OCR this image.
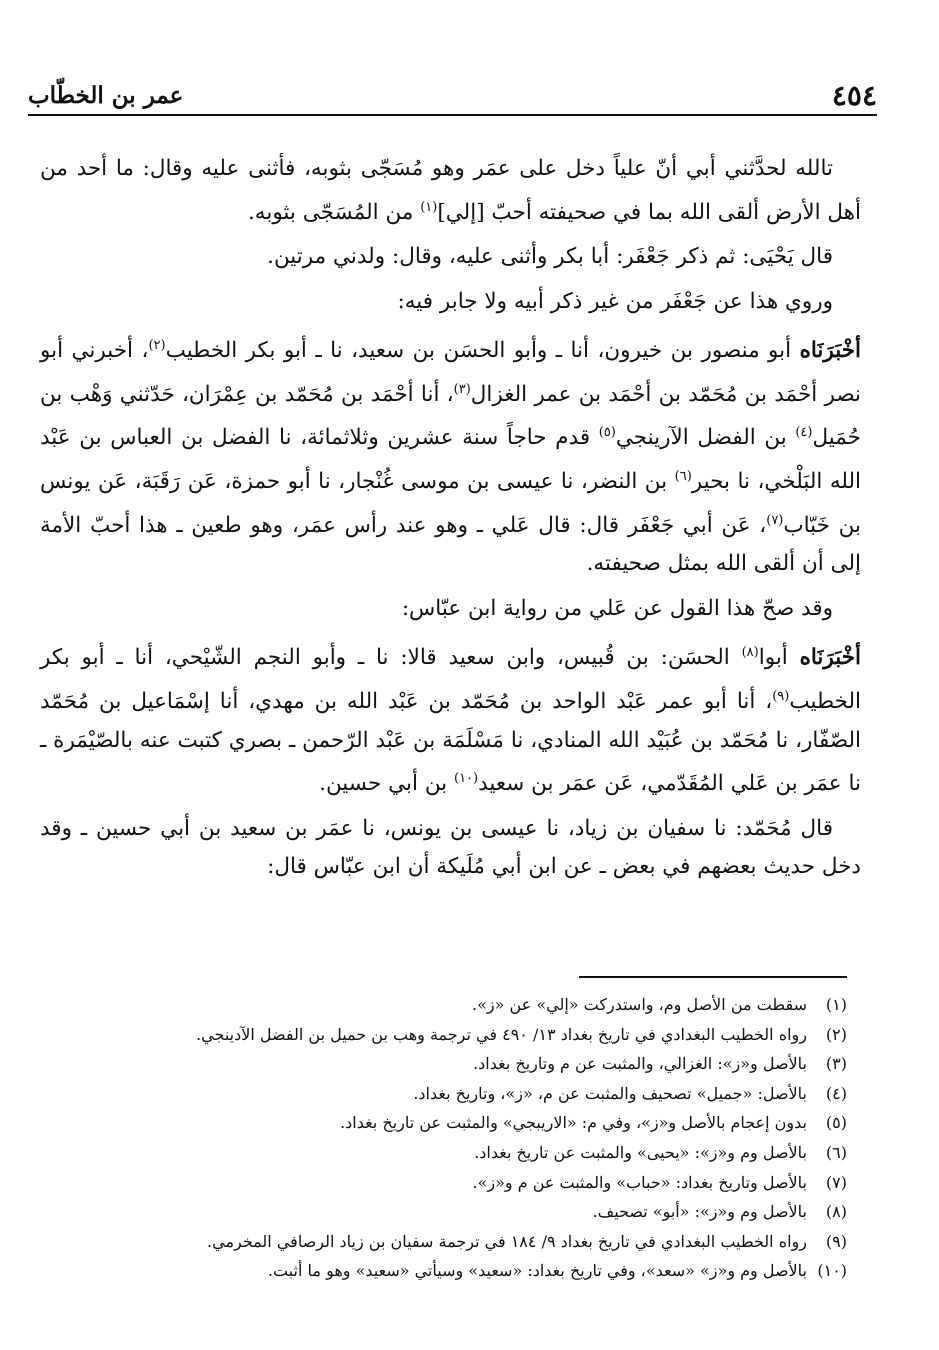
٤٥٤
عمر بن الخطّاب

تالله لحدَّثني أبي أنّ علياً دخل على عمَر وهو مُسَجّى بثوبه، فأثنى عليه وقال: ما أحد من أهل الأرض ألقى الله بما في صحيفته أحبّ [إلي]$^{(١)}$ من المُسَجّى بثوبه.

قال يَحْيَى: ثم ذكر جَعْفَر: أبا بكر وأثنى عليه، وقال: ولدني مرتين.

وروي هذا عن جَعْفَر من غير ذكر أبيه ولا جابر فيه:

أخْبَرَنَاه أبو منصور بن خيرون، أنا ـ وأبو الحسَن بن سعيد، نا ـ أبو بكر الخطيب$^{(٢)}$، أخبرني أبو نصر أحْمَد بن مُحَمّد بن أحْمَد بن عمر الغزال$^{(٣)}$، أنا أحْمَد بن مُحَمّد بن عِمْرَان، حَدّثني وَهْب بن حُمَيل$^{(٤)}$ بن الفضل الآرينجي$^{(٥)}$ قدم حاجاً سنة عشرين وثلاثمائة، نا الفضل بن العباس بن عَبْد الله البَلْخي، نا بحير$^{(٦)}$ بن النضر، نا عيسى بن موسى غُنْجار، نا أبو حمزة، عَن رَقَبَة، عَن يونس بن خَبّاب$^{(٧)}$، عَن أبي جَعْفَر قال: قال عَلي ـ وهو عند رأس عمَر، وهو طعين ـ هذا أحبّ الأمة إلى أن ألقى الله بمثل صحيفته.

وقد صحّ هذا القول عن عَلي من رواية ابن عبّاس:

أخْبَرَنَاه أبوا$^{(٨)}$ الحسَن: بن قُبيس، وابن سعيد قالا: نا ـ وأبو النجم الشّيْحي، أنا ـ أبو بكر الخطيب$^{(٩)}$، أنا أبو عمر عَبْد الواحد بن مُحَمّد بن عَبْد الله بن مهدي، أنا إسْمَاعيل بن مُحَمّد الصّفّار، نا مُحَمّد بن عُبَيْد الله المنادي، نا مَسْلَمَة بن عَبْد الرّحمن ـ بصري كتبت عنه بالصّيْمَرة ـ نا عمَر بن عَلي المُقَدّمي، عَن عمَر بن سعيد$^{(١٠)}$ بن أبي حسين.

قال مُحَمّد: نا سفيان بن زياد، نا عيسى بن يونس، نا عمَر بن سعيد بن أبي حسين ـ وقد دخل حديث بعضهم في بعض ـ عن ابن أبي مُلَيكة أن ابن عبّاس قال:

(١)
سقطت من الأصل وم، واستدركت «إلي» عن «ز».
(٢)
رواه الخطيب البغدادي في تاريخ بغداد ١٣/ ٤٩٠ في ترجمة وهب بن حميل بن الفضل الآدينجي.
(٣)
بالأصل و«ز»: الغزالي، والمثبت عن م وتاريخ بغداد.
(٤)
بالأصل: «جميل» تصحيف والمثبت عن م، «ز»، وتاريخ بغداد.
(٥)
بدون إعجام بالأصل و«ز»، وفي م: «الاريبجي» والمثبت عن تاريخ بغداد.
(٦)
بالأصل وم و«ز»: «يحيى» والمثبت عن تاريخ بغداد.
(٧)
بالأصل وتاريخ بغداد: «حباب» والمثبت عن م و«ز».
(٨)
بالأصل وم و«ز»: «أبو» تصحيف.
(٩)
رواه الخطيب البغدادي في تاريخ بغداد ٩/ ١٨٤ في ترجمة سفيان بن زياد الرصافي المخرمي.
(١٠)
بالأصل وم و«ز» «سعد»، وفي تاريخ بغداد: «سعيد» وسيأتي «سعيد» وهو ما أثبت.
